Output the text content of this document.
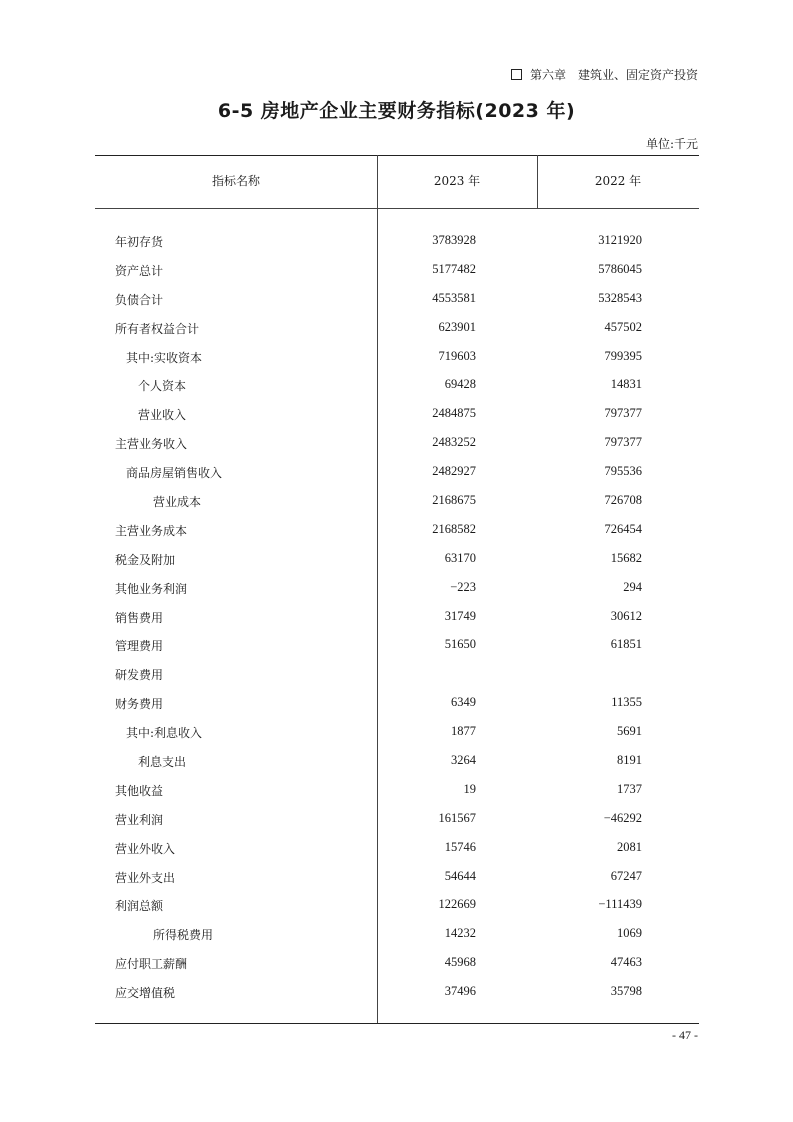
第六章　建筑业、固定资产投资
6-5 房地产企业主要财务指标(2023 年)
单位:千元
指标名称	2023 年	2022 年
年初存货	3783928	3121920
资产总计	5177482	5786045
负债合计	4553581	5328543
所有者权益合计	623901	457502
其中:实收资本	719603	799395
个人资本	69428	14831
营业收入	2484875	797377
主营业务收入	2483252	797377
商品房屋销售收入	2482927	795536
营业成本	2168675	726708
主营业务成本	2168582	726454
税金及附加	63170	15682
其他业务利润	−223	294
销售费用	31749	30612
管理费用	51650	61851
研发费用
财务费用	6349	11355
其中:利息收入	1877	5691
利息支出	3264	8191
其他收益	19	1737
营业利润	161567	−46292
营业外收入	15746	2081
营业外支出	54644	67247
利润总额	122669	−111439
所得税费用	14232	1069
应付职工薪酬	45968	47463
应交增值税	37496	35798
- 47 -
